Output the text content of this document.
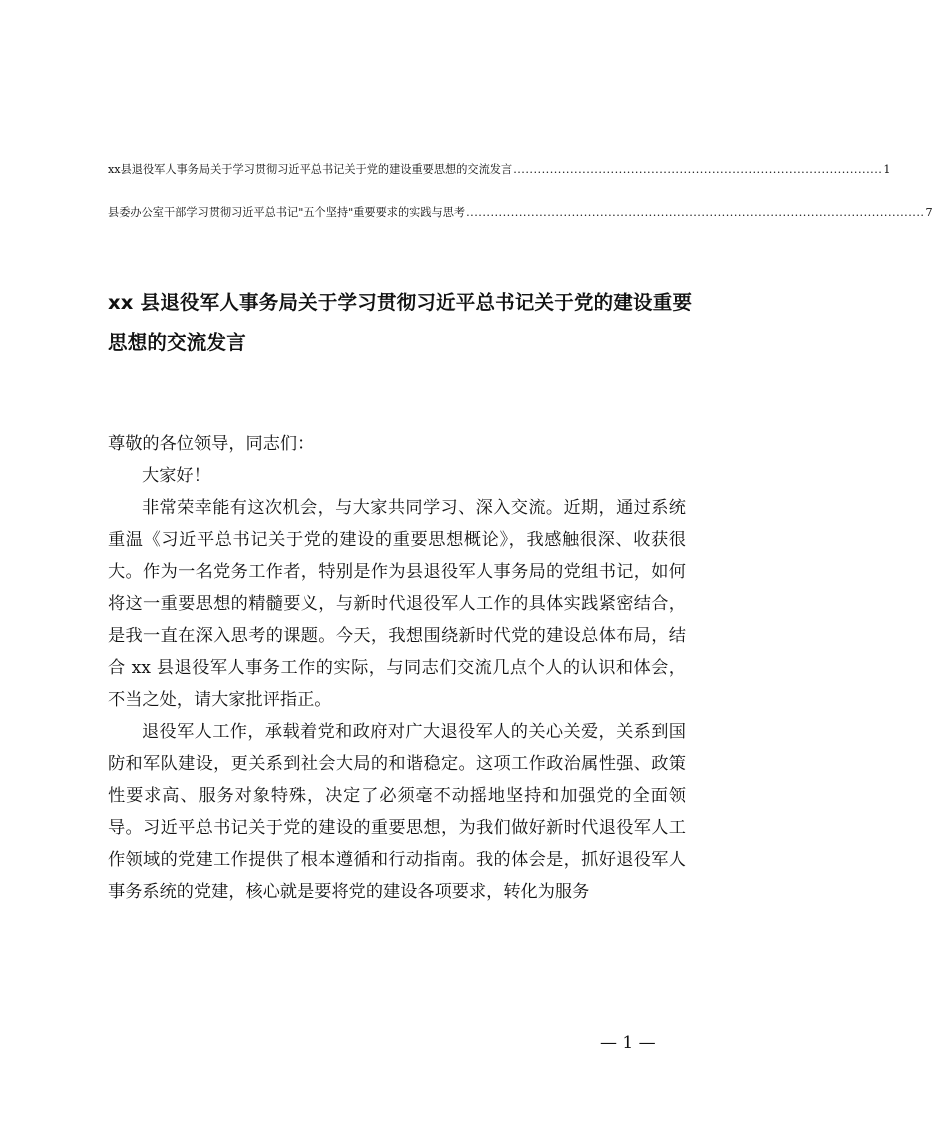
xx县退役军人事务局关于学习贯彻习近平总书记关于党的建设重要思想的交流发言 ........................................................................................... 1
县委办公室干部学习贯彻习近平总书记"五个坚持"重要要求的实践与思考 ................................................................................................................. 7
xx 县退役军人事务局关于学习贯彻习近平总书记关于党的建设重要思想的交流发言

尊敬的各位领导，同志们：

大家好！

非常荣幸能有这次机会，与大家共同学习、深入交流。近期，通过系统重温《习近平总书记关于党的建设的重要思想概论》，我感触很深、收获很大。作为一名党务工作者，特别是作为县退役军人事务局的党组书记，如何将这一重要思想的精髓要义，与新时代退役军人工作的具体实践紧密结合，是我一直在深入思考的课题。今天，我想围绕新时代党的建设总体布局，结合 xx 县退役军人事务工作的实际，与同志们交流几点个人的认识和体会，不当之处，请大家批评指正。

退役军人工作，承载着党和政府对广大退役军人的关心关爱，关系到国防和军队建设，更关系到社会大局的和谐稳定。这项工作政治属性强、政策性要求高、服务对象特殊，决定了必须毫不动摇地坚持和加强党的全面领导。习近平总书记关于党的建设的重要思想，为我们做好新时代退役军人工作领域的党建工作提供了根本遵循和行动指南。我的体会是，抓好退役军人事务系统的党建，核心就是要将党的建设各项要求，转化为服务

— 1 —
